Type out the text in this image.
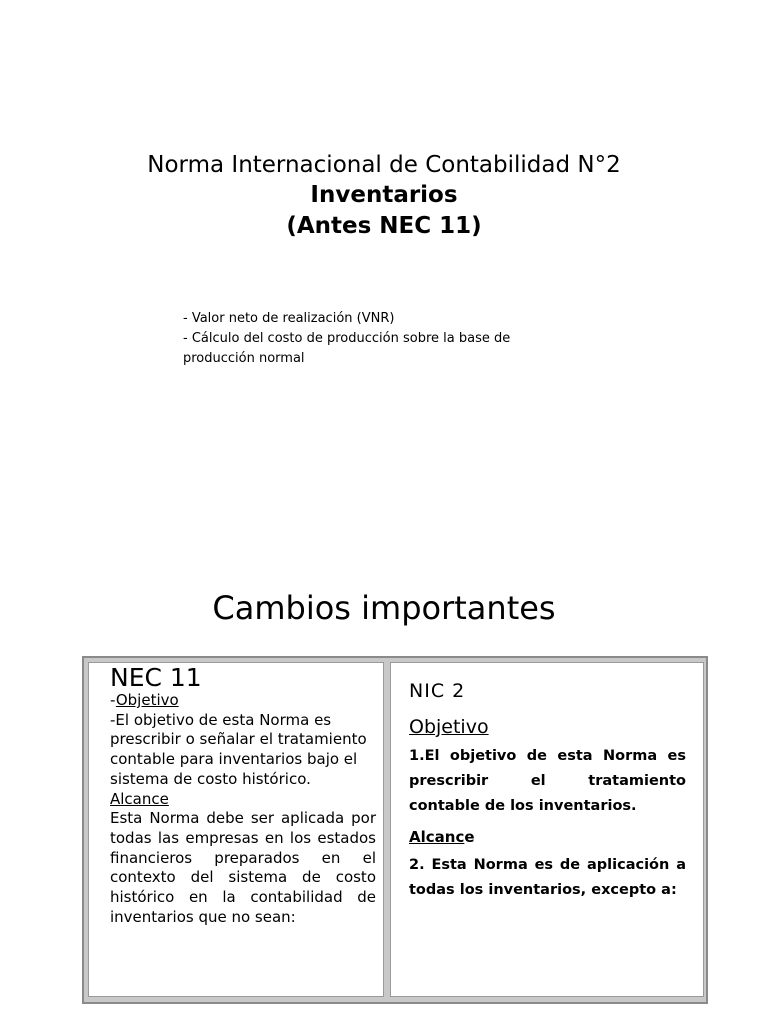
Norma Internacional de Contabilidad N°2
Inventarios
(Antes NEC 11)
- Valor neto de realización (VNR)
- Cálculo del costo de producción sobre la base de
producción normal
Cambios importantes
NEC 11
-Objetivo
-El objetivo de esta Norma es prescribir o señalar el tratamiento contable para inventarios bajo el sistema de costo histórico.
Alcance
Esta Norma debe ser aplicada por todas las empresas en los estados financieros preparados en el contexto del sistema de costo histórico en la contabilidad de inventarios que no sean:
NIC 2
Objetivo
1.El objetivo de esta Norma es prescribir el tratamiento contable de los inventarios.
Alcance
2. Esta Norma es de aplicación a todas los inventarios, excepto a:
